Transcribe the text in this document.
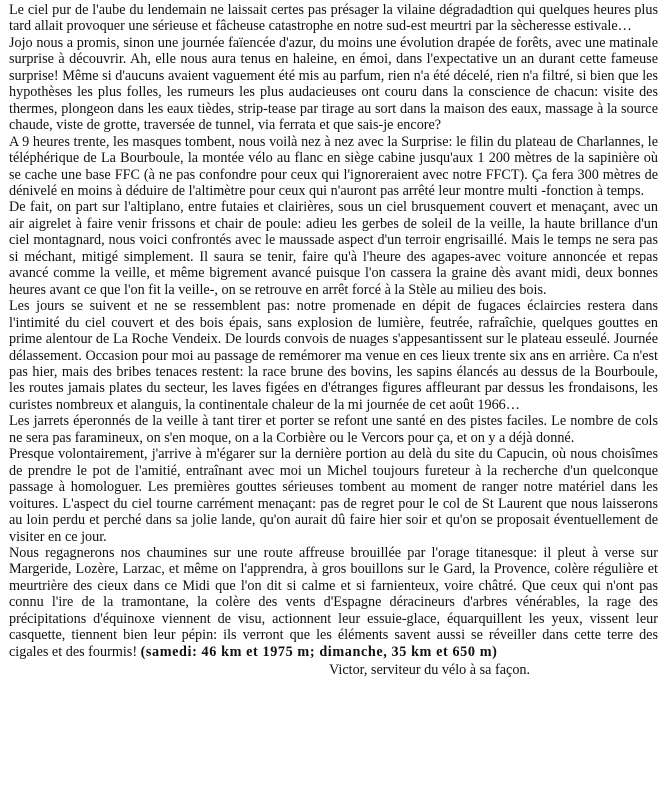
Le ciel pur de l'aube du lendemain ne laissait certes pas présager la vilaine dégradadtion qui quelques heures plus tard allait provoquer une sérieuse et fâcheuse catastrophe en notre sud-est meurtri par la sècheresse estivale…

Jojo nous a promis, sinon une journée faïencée d'azur, du moins une évolution drapée de forêts, avec une matinale surprise à découvrir. Ah, elle nous aura tenus en haleine, en émoi, dans l'expectative un an durant cette fameuse surprise! Même si d'aucuns avaient vaguement été mis au parfum, rien n'a été décelé, rien n'a filtré, si bien que les hypothèses les plus folles, les rumeurs les plus audacieuses ont couru dans la conscience de chacun: visite des thermes, plongeon dans les eaux tièdes, strip-tease par tirage au sort dans la maison des eaux, massage à la source chaude, viste de grotte, traversée de tunnel, via ferrata et que sais-je encore?

A 9 heures trente, les masques tombent, nous voilà nez à nez avec la Surprise: le filin du plateau de Charlannes, le téléphérique de La Bourboule, la montée vélo au flanc en siège cabine jusqu'aux 1 200 mètres de la sapinière où se cache une base FFC (à ne pas confondre pour ceux qui l'ignoreraient avec notre FFCT). Ça fera 300 mètres de dénivelé en moins à déduire de l'altimètre pour ceux qui n'auront pas arrêté leur montre multi -fonction à temps.

De fait, on part sur l'altiplano, entre futaies et clairières, sous un ciel brusquement couvert et menaçant, avec un air aigrelet à faire venir frissons et chair de poule: adieu les gerbes de soleil de la veille, la haute brillance d'un ciel montagnard, nous voici confrontés avec le maussade aspect d'un terroir engrisaillé. Mais le temps ne sera pas si méchant, mitigé simplement. Il saura se tenir, faire qu'à l'heure des agapes-avec voiture annoncée et repas avancé comme la veille, et même bigrement avancé puisque l'on cassera la graine dès avant midi, deux bonnes heures avant ce que l'on fit la veille-, on se retrouve en arrêt forcé à la Stèle au milieu des bois.

Les jours se suivent et ne se ressemblent pas: notre promenade en dépit de fugaces éclaircies restera dans l'intimité du ciel couvert et des bois épais, sans explosion de lumière, feutrée, rafraîchie, quelques gouttes en prime alentour de La Roche Vendeix. De lourds convois de nuages s'appesantissent sur le plateau esseulé. Journée délassement. Occasion pour moi au passage de remémorer ma venue en ces lieux trente six ans en arrière. Ca n'est pas hier, mais des bribes tenaces restent: la race brune des bovins, les sapins élancés au dessus de la Bourboule, les routes jamais plates du secteur, les laves figées en d'étranges figures affleurant par dessus les frondaisons, les curistes nombreux et alanguis, la continentale chaleur de la mi journée de cet août 1966…

Les jarrets éperonnés de la veille à tant tirer et porter se refont une santé en des pistes faciles. Le nombre de cols ne sera pas faramineux, on s'en moque, on a la Corbière ou le Vercors pour ça, et on y a déjà donné.

Presque volontairement, j'arrive à m'égarer sur la dernière portion au delà du site du Capucin, où nous choisîmes de prendre le pot de l'amitié, entraînant avec moi un Michel toujours fureteur à la recherche d'un quelconque passage à homologuer. Les premières gouttes sérieuses tombent au moment de ranger notre matériel dans les voitures. L'aspect du ciel tourne carrément menaçant: pas de regret pour le col de St Laurent que nous laisserons au loin perdu et perché dans sa jolie lande, qu'on aurait dû faire hier soir et qu'on se proposait éventuellement de visiter en ce jour.

Nous regagnerons nos chaumines sur une route affreuse brouillée par l'orage titanesque: il pleut à verse sur Margeride, Lozère, Larzac, et même on l'apprendra, à gros bouillons sur le Gard, la Provence, colère régulière et meurtrière des cieux dans ce Midi que l'on dit si calme et si farnienteux, voire châtré. Que ceux qui n'ont pas connu l'ire de la tramontane, la colère des vents d'Espagne déracineurs d'arbres vénérables, la rage des précipitations d'équinoxe viennent de visu, actionnent leur essuie-glace, équarquillent les yeux, vissent leur casquette, tiennent bien leur pépin: ils verront que les éléments savent aussi se réveiller dans cette terre des cigales et des fourmis! (samedi: 46 km et 1975 m; dimanche, 35 km et 650 m)

Victor, serviteur du vélo à sa façon.
